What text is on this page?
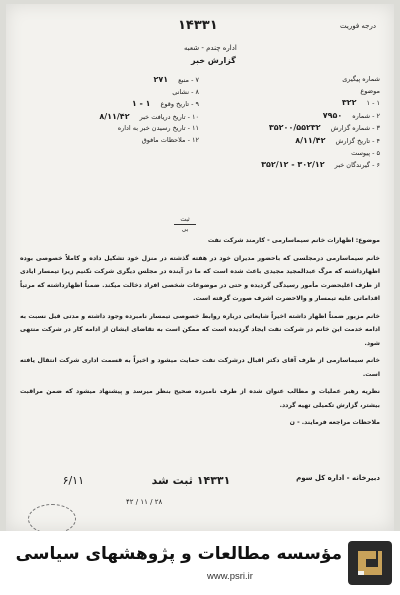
۱۴۳۳۱	درجه فوریت
اداره چندم - شعبه
گزارش خبر
شماره پیگیری
موضوع
۱ - ۱۳۲۲
۲ - شماره۷۹۵۰
۳ - شماره گزارش۳۵۲۰۰/۵۵۲۳۲
۴ - تاریخ گزارش۸/۱۱/۴۲
۵ - پیوست
۶ - گیرندگان خبر۳۰۲/۱۲ - ۳۵۲/۱۲
۷ - منبع۲۷۱
۸ - نشانی
۹ - تاریخ وقوع۱ - ۱
۱۰ - تاریخ دریافت خبر۸/۱۱/۴۲
۱۱ - تاریخ رسیدن خبر به اداره
۱۲ - ملاحظات مافوق
ثبت
بی

موضوع: اظهارات خانم سیماسارمی - کارمند شرکت نفت

خانم سیماسارمی درمجلسی که باحضور مدیران خود در هفته گذشته در منزل خود تشکیل داده و کاملاً خصوصی بوده اظهارداشته که مرگ عبدالمجید مجیدی باعث شده است که ما در آینده در مجلس دیگری شرکت نکنیم زیرا تیمسار ایادی از طرف اعلیحضرت مأمور رسیدگی گردیده و حتی در موضوعات شخصی افراد دخالت میکند. ضمناً اظهارداشته که مرتباً اقداماتی علیه تیمسار و والاحضرت اشرف صورت گرفته است.

خانم مزبور ضمناً اظهار داشته اخیراً شایعاتی درباره روابط خصوصی تیمسار نامبرده وجود داشته و مدتی قبل نسبت به ادامه خدمت این خانم در شرکت نفت ایجاد گردیده است که ممکن است به تقاضای ایشان از ادامه کار در شرکت منتهی شود.

خانم سیماسارمی از طرف آقای دکتر اقبال درشرکت نفت حمایت میشود و اخیراً به قسمت اداری شرکت انتقال یافته است.

نظریه رهبر عملیات و مطالب عنوان شده از طرف نامبرده صحیح بنظر میرسد و پیشنهاد میشود که ضمن مراقبت بیشتر، گزارش تکمیلی تهیه گردد.

ملاحظات مراجعه فرمایند. - ن

دبیرخانه - اداره کل سوم
۱۴۳۳۱ ثبت شد
۶/۱۱
۲۸ / ۱۱ / ۴۲
مؤسسه مطالعات و پژوهشهای سیاسی
www.psri.ir
